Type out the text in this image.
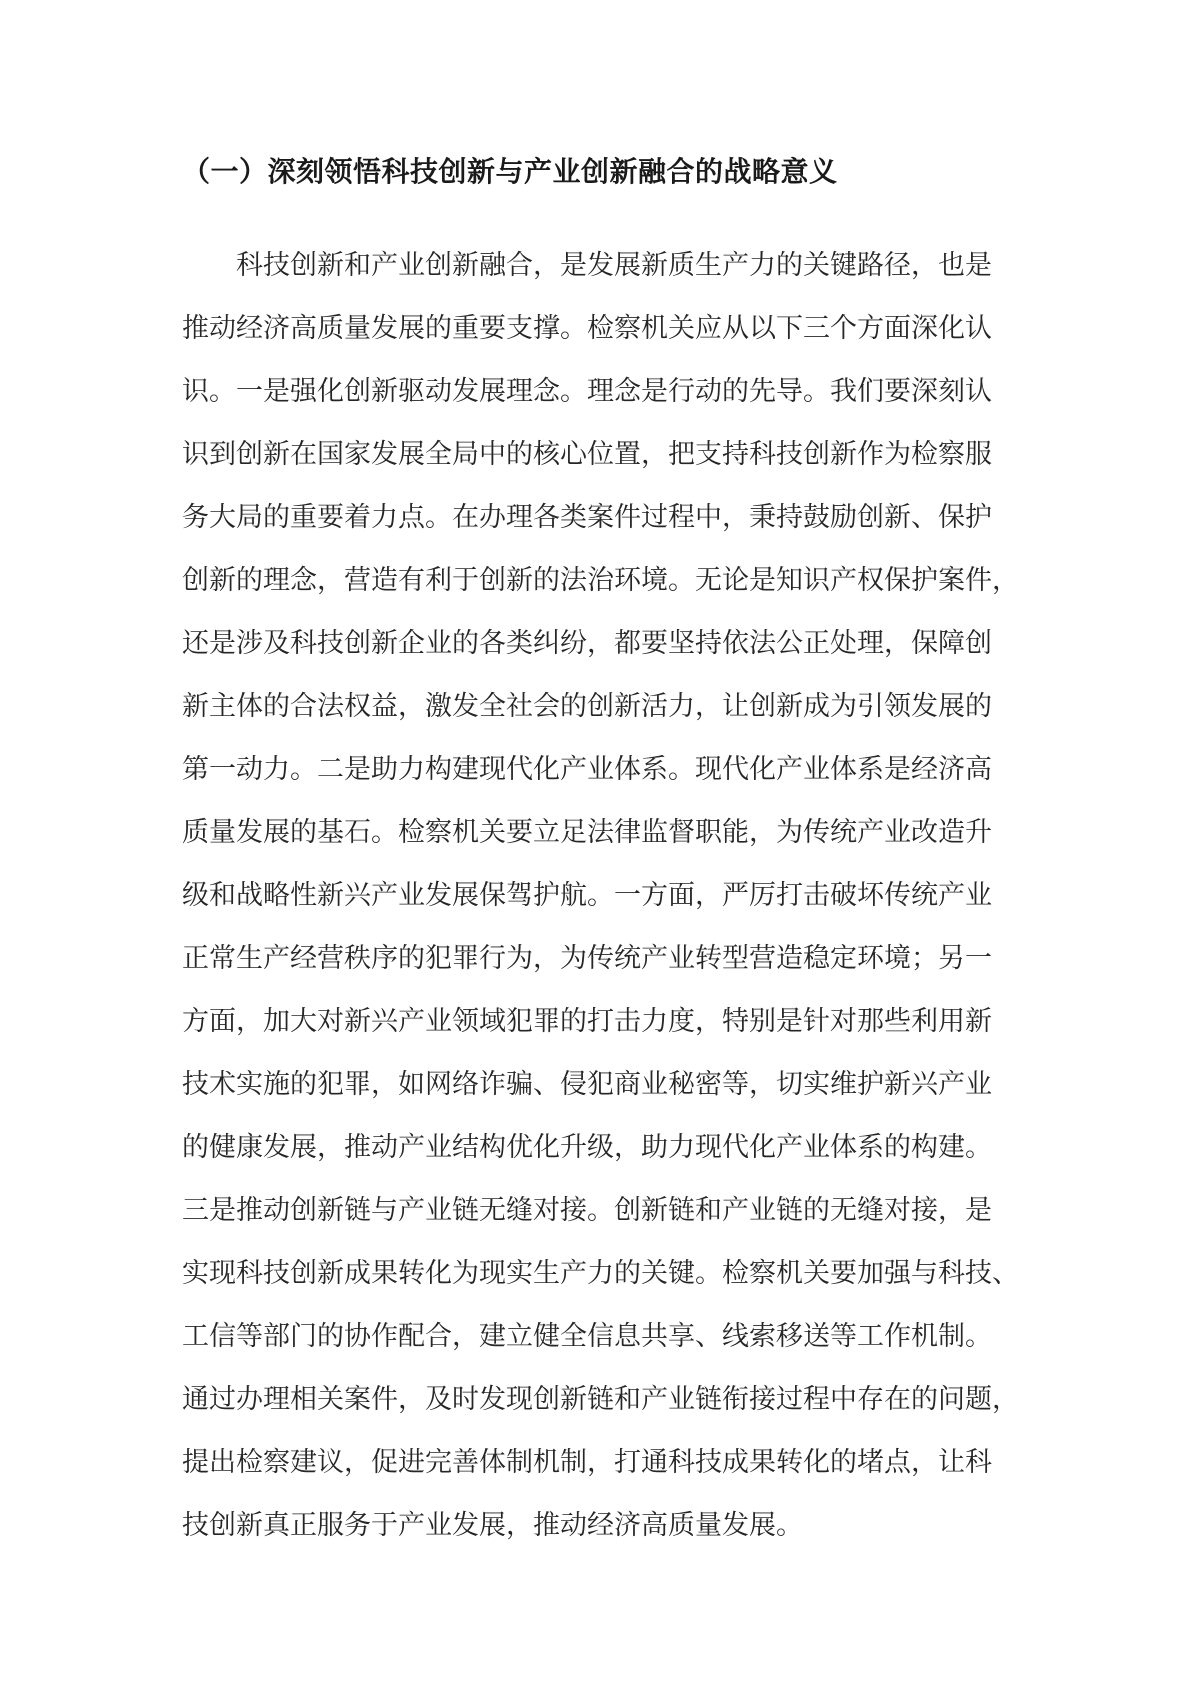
（一）深刻领悟科技创新与产业创新融合的战略意义
　　科技创新和产业创新融合，是发展新质生产力的关键路径，也是
推动经济高质量发展的重要支撑。检察机关应从以下三个方面深化认
识。一是强化创新驱动发展理念。理念是行动的先导。我们要深刻认
识到创新在国家发展全局中的核心位置，把支持科技创新作为检察服
务大局的重要着力点。在办理各类案件过程中，秉持鼓励创新、保护
创新的理念，营造有利于创新的法治环境。无论是知识产权保护案件，
还是涉及科技创新企业的各类纠纷，都要坚持依法公正处理，保障创
新主体的合法权益，激发全社会的创新活力，让创新成为引领发展的
第一动力。二是助力构建现代化产业体系。现代化产业体系是经济高
质量发展的基石。检察机关要立足法律监督职能，为传统产业改造升
级和战略性新兴产业发展保驾护航。一方面，严厉打击破坏传统产业
正常生产经营秩序的犯罪行为，为传统产业转型营造稳定环境；另一
方面，加大对新兴产业领域犯罪的打击力度，特别是针对那些利用新
技术实施的犯罪，如网络诈骗、侵犯商业秘密等，切实维护新兴产业
的健康发展，推动产业结构优化升级，助力现代化产业体系的构建。
三是推动创新链与产业链无缝对接。创新链和产业链的无缝对接，是
实现科技创新成果转化为现实生产力的关键。检察机关要加强与科技、
工信等部门的协作配合，建立健全信息共享、线索移送等工作机制。
通过办理相关案件，及时发现创新链和产业链衔接过程中存在的问题，
提出检察建议，促进完善体制机制，打通科技成果转化的堵点，让科
技创新真正服务于产业发展，推动经济高质量发展。
